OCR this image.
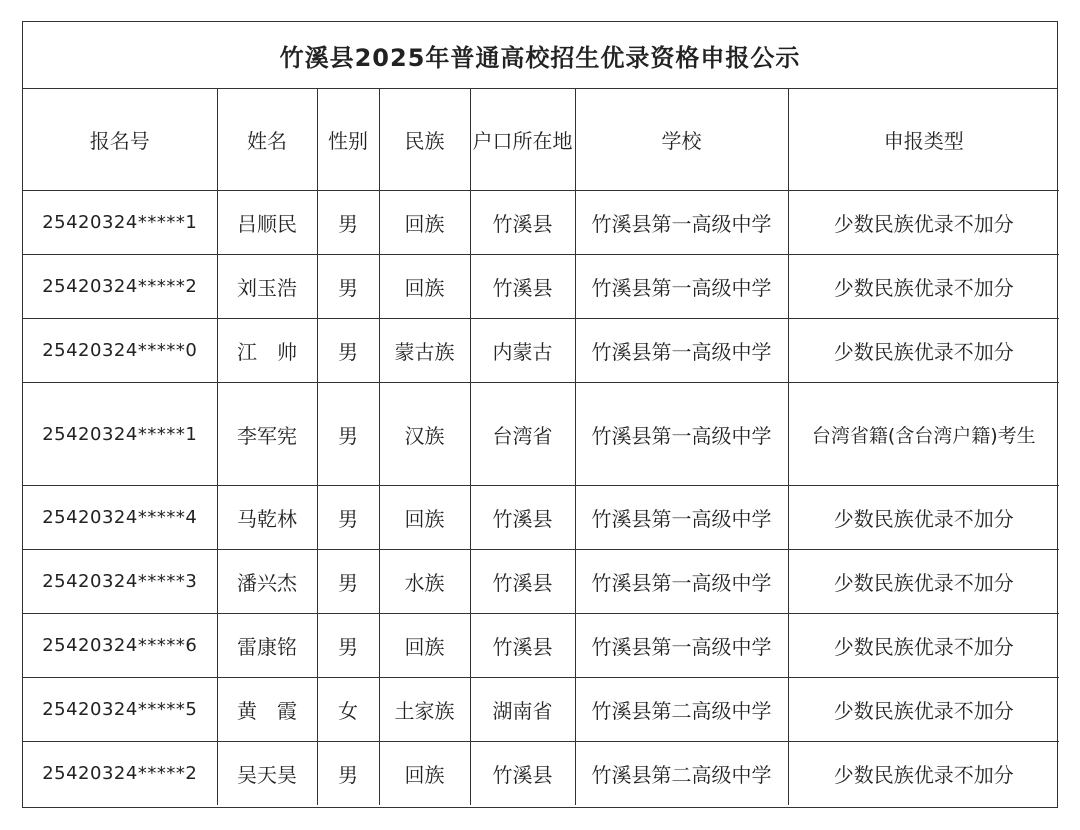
竹溪县2025年普通高校招生优录资格申报公示
报名号	姓名	性别	民族	户口所在地	学校	申报类型
25420324*****1	吕顺民	男	回族	竹溪县	竹溪县第一高级中学	少数民族优录不加分
25420324*****2	刘玉浩	男	回族	竹溪县	竹溪县第一高级中学	少数民族优录不加分
25420324*****0	江　帅	男	蒙古族	内蒙古	竹溪县第一高级中学	少数民族优录不加分
25420324*****1	李军宪	男	汉族	台湾省	竹溪县第一高级中学	台湾省籍(含台湾户籍)考生
25420324*****4	马乾林	男	回族	竹溪县	竹溪县第一高级中学	少数民族优录不加分
25420324*****3	潘兴杰	男	水族	竹溪县	竹溪县第一高级中学	少数民族优录不加分
25420324*****6	雷康铭	男	回族	竹溪县	竹溪县第一高级中学	少数民族优录不加分
25420324*****5	黄　霞	女	土家族	湖南省	竹溪县第二高级中学	少数民族优录不加分
25420324*****2	吴天昊	男	回族	竹溪县	竹溪县第二高级中学	少数民族优录不加分
